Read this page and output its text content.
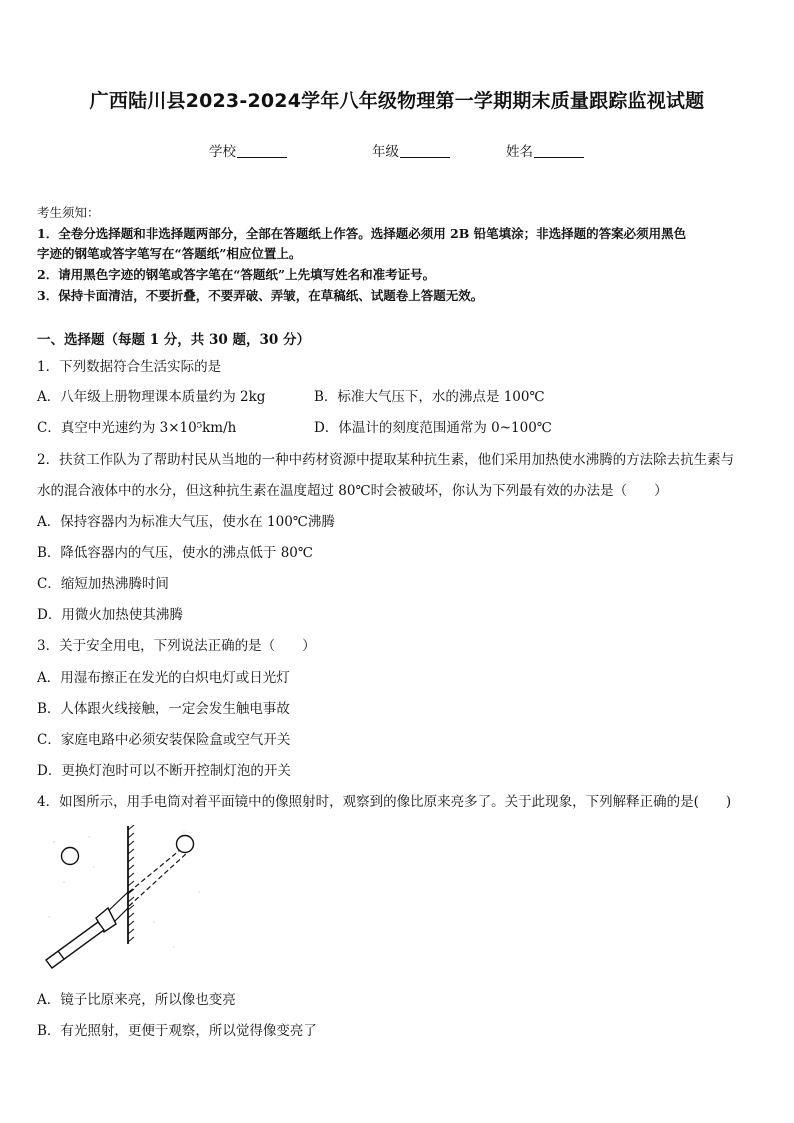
广西陆川县2023-2024学年八年级物理第一学期期末质量跟踪监视试题
学校	年级	姓名
考生须知：
1．全卷分选择题和非选择题两部分，全部在答题纸上作答。选择题必须用 2B 铅笔填涂；非选择题的答案必须用黑色
字迹的钢笔或答字笔写在“答题纸”相应位置上。
2．请用黑色字迹的钢笔或答字笔在“答题纸”上先填写姓名和准考证号。
3．保持卡面清洁，不要折叠，不要弄破、弄皱，在草稿纸、试题卷上答题无效。
一、选择题（每题 1 分，共 30 题，30 分）
1．下列数据符合生活实际的是
A．八年级上册物理课本质量约为 2kg	B．标准大气压下，水的沸点是 100℃
C．真空中光速约为 3×10⁵km/h	D．体温计的刻度范围通常为 0~100℃
2．扶贫工作队为了帮助村民从当地的一种中药材资源中提取某种抗生素，他们采用加热使水沸腾的方法除去抗生素与
水的混合液体中的水分，但这种抗生素在温度超过 80℃时会被破坏，你认为下列最有效的办法是（　　）
A．保持容器内为标准大气压，使水在 100℃沸腾
B．降低容器内的气压，使水的沸点低于 80℃
C．缩短加热沸腾时间
D．用微火加热使其沸腾
3．关于安全用电，下列说法正确的是（　　）
A．用湿布擦正在发光的白炽电灯或日光灯
B．人体跟火线接触，一定会发生触电事故
C．家庭电路中必须安装保险盒或空气开关
D．更换灯泡时可以不断开控制灯泡的开关
4．如图所示，用手电筒对着平面镜中的像照射时，观察到的像比原来亮多了。关于此现象，下列解释正确的是(　　)
A．镜子比原来亮，所以像也变亮
B．有光照射，更便于观察，所以觉得像变亮了
